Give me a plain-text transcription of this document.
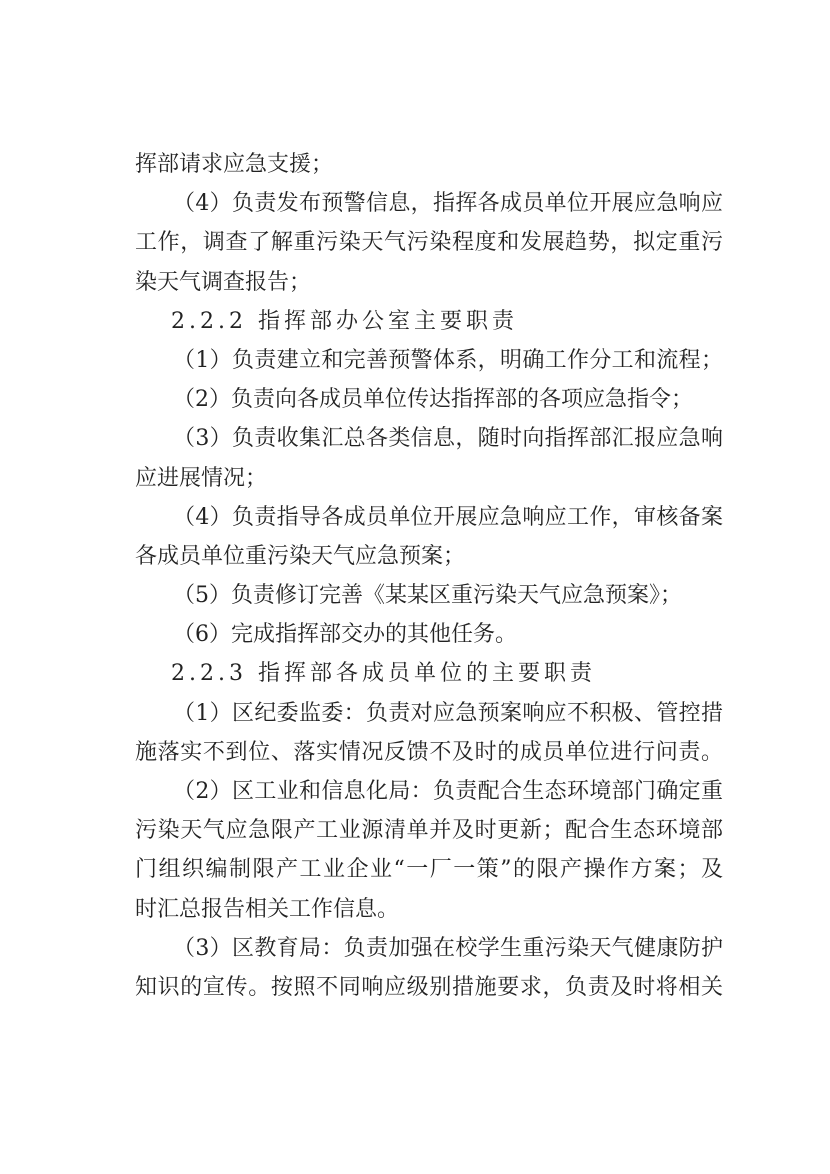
挥部请求应急支援；
（4）负责发布预警信息，指挥各成员单位开展应急响应
工作，调查了解重污染天气污染程度和发展趋势，拟定重污
染天气调查报告；
2.2.2 指挥部办公室主要职责
（1）负责建立和完善预警体系，明确工作分工和流程；
（2）负责向各成员单位传达指挥部的各项应急指令；
（3）负责收集汇总各类信息，随时向指挥部汇报应急响
应进展情况；
（4）负责指导各成员单位开展应急响应工作，审核备案
各成员单位重污染天气应急预案；
（5）负责修订完善《某某区重污染天气应急预案》；
（6）完成指挥部交办的其他任务。
2.2.3 指挥部各成员单位的主要职责
（1）区纪委监委：负责对应急预案响应不积极、管控措
施落实不到位、落实情况反馈不及时的成员单位进行问责。
（2）区工业和信息化局：负责配合生态环境部门确定重
污染天气应急限产工业源清单并及时更新；配合生态环境部
门组织编制限产工业企业“一厂一策”的限产操作方案；及
时汇总报告相关工作信息。
（3）区教育局：负责加强在校学生重污染天气健康防护
知识的宣传。按照不同响应级别措施要求，负责及时将相关
